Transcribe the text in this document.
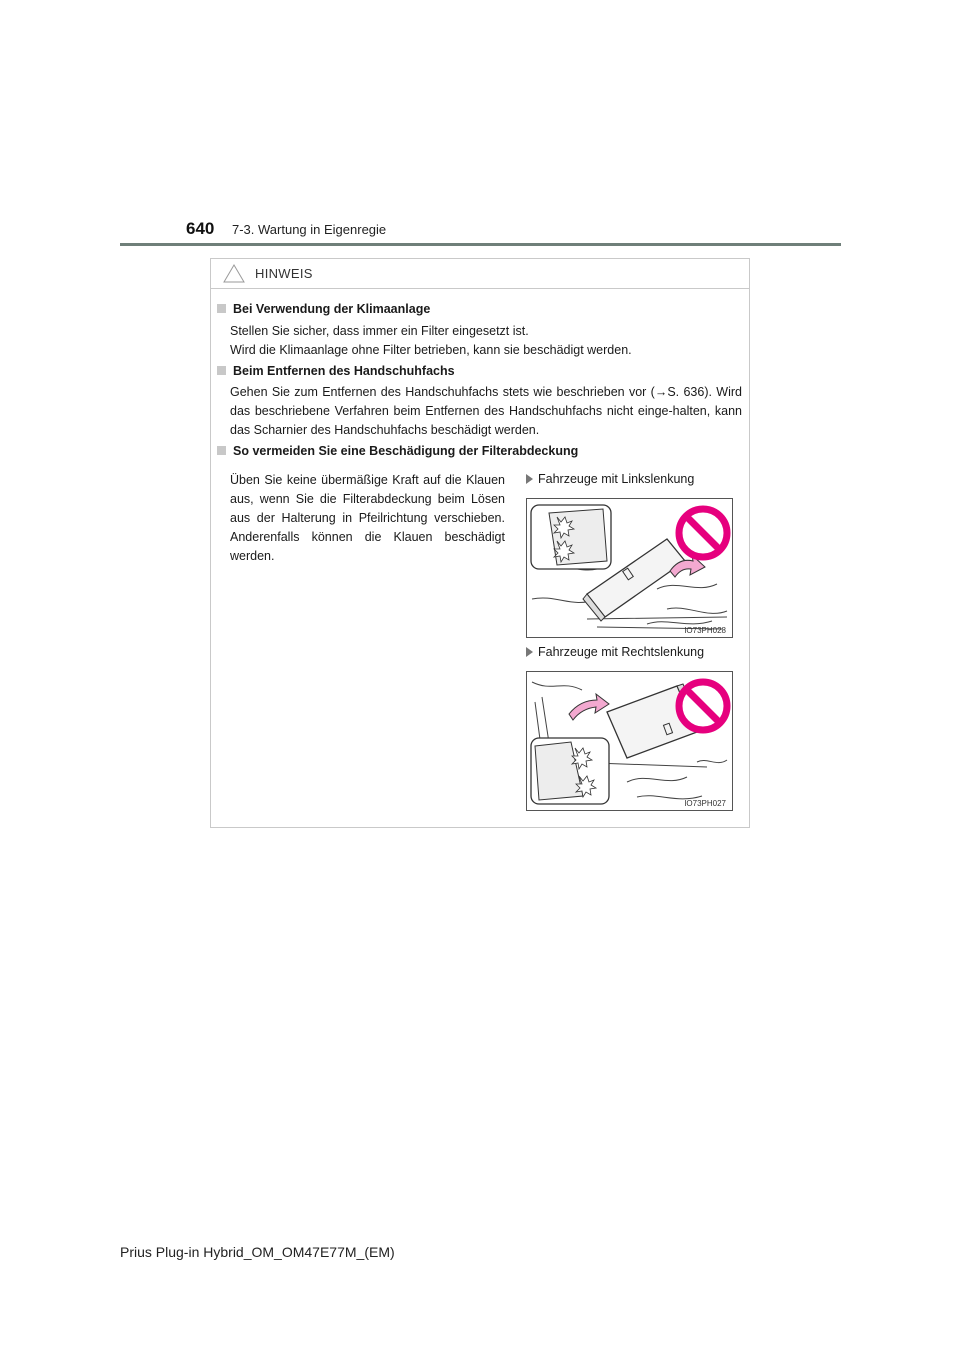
640 7-3. Wartung in Eigenregie
HINWEIS
Bei Verwendung der Klimaanlage
Stellen Sie sicher, dass immer ein Filter eingesetzt ist.
Wird die Klimaanlage ohne Filter betrieben, kann sie beschädigt werden.
Beim Entfernen des Handschuhfachs

Gehen Sie zum Entfernen des Handschuhfachs stets wie beschrieben vor (→S. 636). Wird das beschriebene Verfahren beim Entfernen des Handschuhfachs nicht einge-halten, kann das Scharnier des Handschuhfachs beschädigt werden.

So vermeiden Sie eine Beschädigung der Filterabdeckung

Üben Sie keine übermäßige Kraft auf die Klauen aus, wenn Sie die Filterabdeckung beim Lösen aus der Halterung in Pfeilrichtung verschieben. Anderenfalls können die Klauen beschädigt werden.

Fahrzeuge mit Linkslenkung
IO73PH028
Fahrzeuge mit Rechtslenkung
IO73PH027
Prius Plug-in Hybrid_OM_OM47E77M_(EM)
